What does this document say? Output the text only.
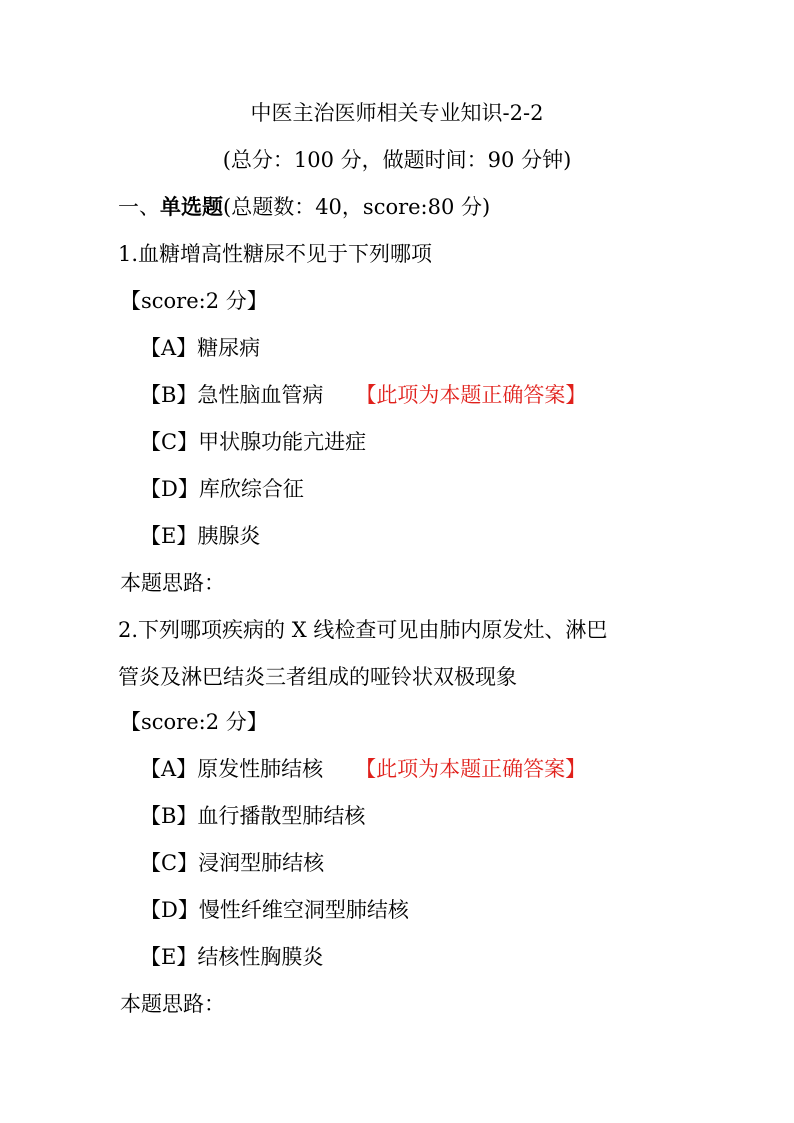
中医主治医师相关专业知识-2-2
(总分：100 分，做题时间：90 分钟)
一、单选题(总题数：40，score:80 分)
1.血糖增高性糖尿不见于下列哪项
【score:2 分】
【A】糖尿病
【B】急性脑血管病 【此项为本题正确答案】
【C】甲状腺功能亢进症
【D】库欣综合征
【E】胰腺炎
本题思路：
2.下列哪项疾病的 X 线检查可见由肺内原发灶、淋巴
管炎及淋巴结炎三者组成的哑铃状双极现象
【score:2 分】
【A】原发性肺结核 【此项为本题正确答案】
【B】血行播散型肺结核
【C】浸润型肺结核
【D】慢性纤维空洞型肺结核
【E】结核性胸膜炎
本题思路：
